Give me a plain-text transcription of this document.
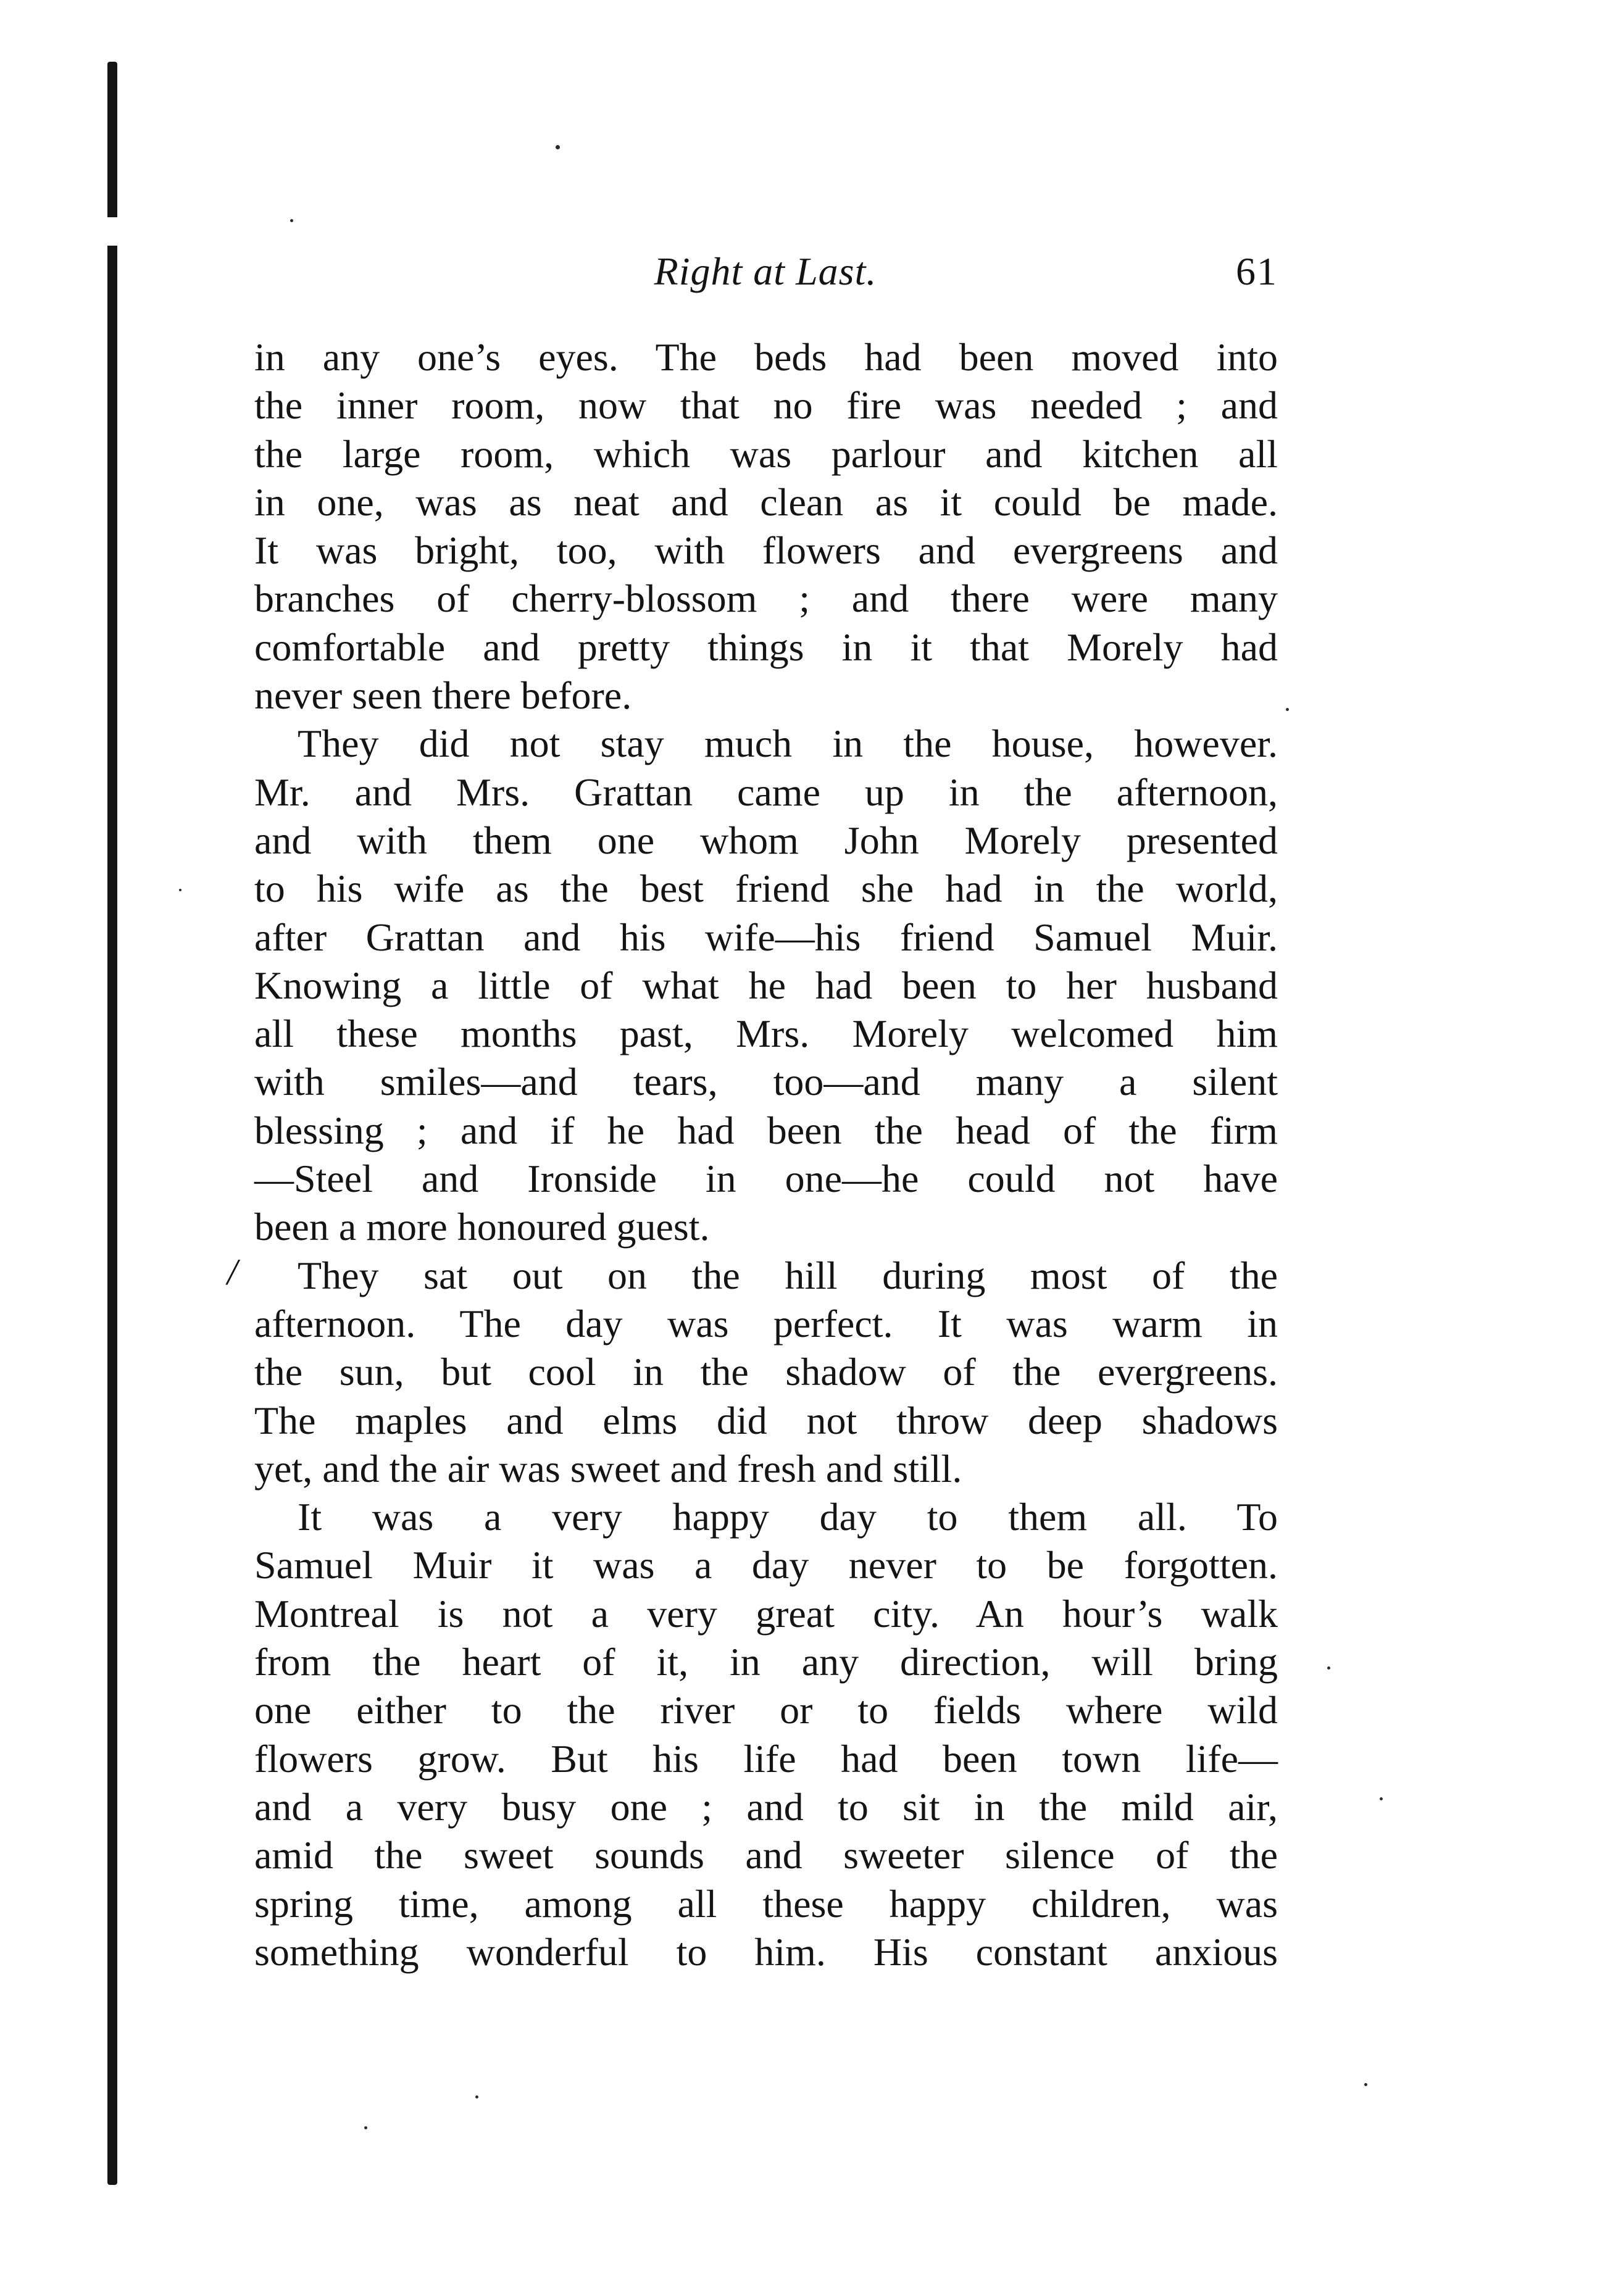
Right at Last.	61
/
in any one’s eyes. The beds had been moved into
the inner room, now that no fire was needed ; and
the large room, which was parlour and kitchen all
in one, was as neat and clean as it could be made.
It was bright, too, with flowers and evergreens and
branches of cherry-blossom ; and there were many
comfortable and pretty things in it that Morely had
never seen there before.
They did not stay much in the house, however.
Mr. and Mrs. Grattan came up in the afternoon,
and with them one whom John Morely presented
to his wife as the best friend she had in the world,
after Grattan and his wife—his friend Samuel Muir.
Knowing a little of what he had been to her husband
all these months past, Mrs. Morely welcomed him
with smiles—and tears, too—and many a silent
blessing ; and if he had been the head of the firm
—Steel and Ironside in one—he could not have
been a more honoured guest.
They sat out on the hill during most of the
afternoon. The day was perfect. It was warm in
the sun, but cool in the shadow of the evergreens.
The maples and elms did not throw deep shadows
yet, and the air was sweet and fresh and still.
It was a very happy day to them all. To
Samuel Muir it was a day never to be forgotten.
Montreal is not a very great city. An hour’s walk
from the heart of it, in any direction, will bring
one either to the river or to fields where wild
flowers grow. But his life had been town life—
and a very busy one ; and to sit in the mild air,
amid the sweet sounds and sweeter silence of the
spring time, among all these happy children, was
something wonderful to him. His constant anxious
